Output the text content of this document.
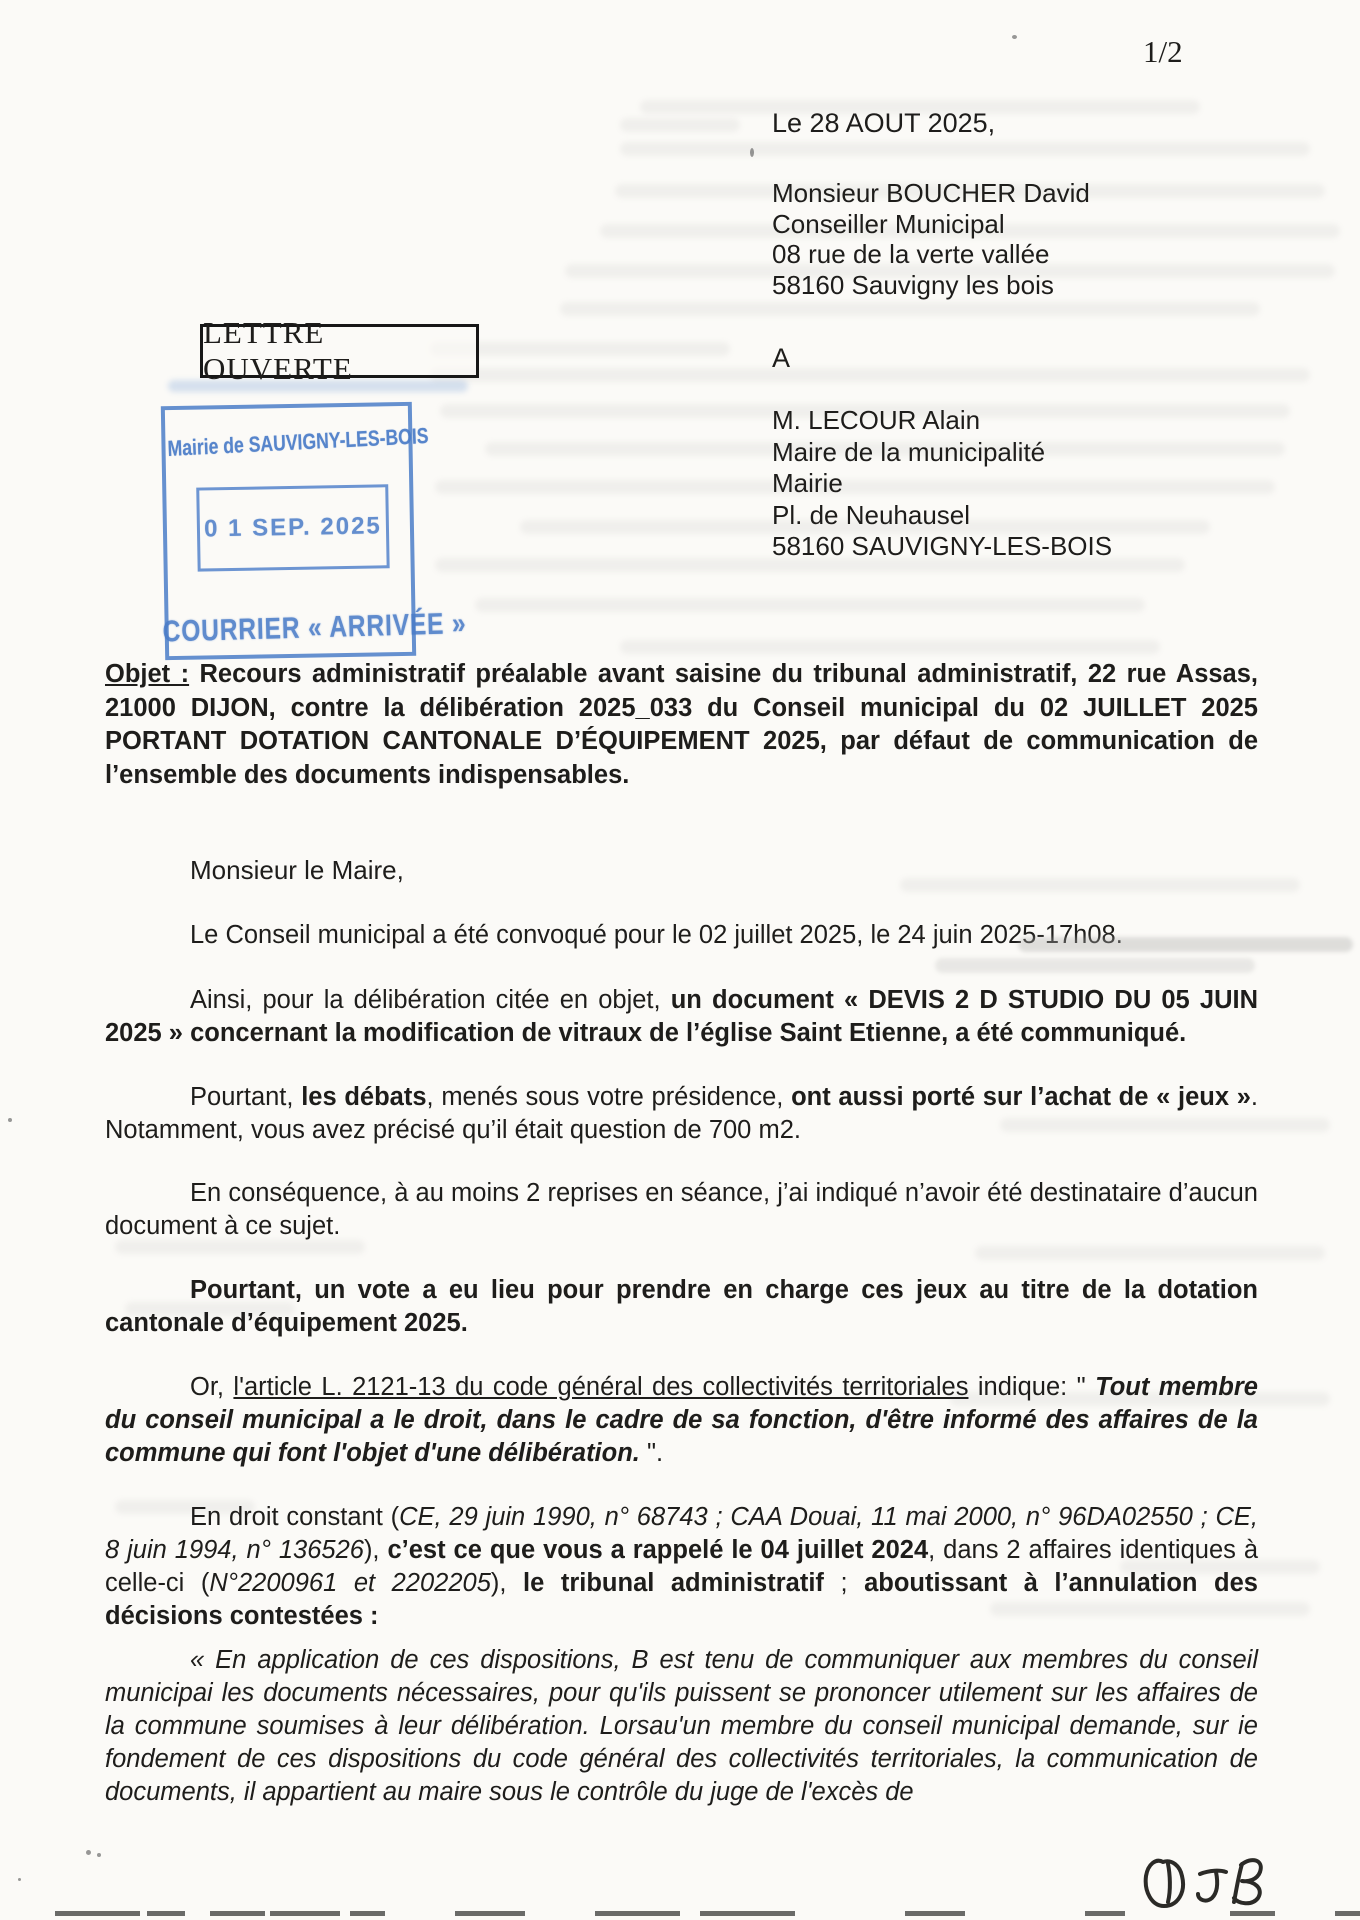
1/2
Le 28 AOUT 2025,
Monsieur BOUCHER David
Conseiller Municipal
08 rue de la verte vallée
58160 Sauvigny les bois
LETTRE OUVERTE	A
M. LECOUR Alain
Maire de la municipalité
Mairie
Pl. de Neuhausel
58160 SAUVIGNY-LES-BOIS
Mairie de SAUVIGNY-LES-BOIS
0 1 SEP. 2025
COURRIER « ARRIVÉE »

Objet : Recours administratif préalable avant saisine du tribunal administratif, 22 rue Assas, 21000 DIJON, contre la délibération 2025_033 du Conseil municipal du 02 JUILLET 2025 PORTANT DOTATION CANTONALE D’ÉQUIPEMENT 2025, par défaut de communication de l’ensemble des documents indispensables.

Monsieur le Maire,

Le Conseil municipal a été convoqué pour le 02 juillet 2025, le 24 juin 2025-17h08.

Ainsi, pour la délibération citée en objet, un document « DEVIS 2 D STUDIO DU 05 JUIN 2025 » concernant la modification de vitraux de l’église Saint Etienne, a été communiqué.

Pourtant, les débats, menés sous votre présidence, ont aussi porté sur l’achat de « jeux ». Notamment, vous avez précisé qu’il était question de 700 m2.

En conséquence, à au moins 2 reprises en séance, j’ai indiqué n’avoir été destinataire d’aucun document à ce sujet.

Pourtant, un vote a eu lieu pour prendre en charge ces jeux au titre de la dotation cantonale d’équipement 2025.

Or, l'article L. 2121-13 du code général des collectivités territoriales indique: " Tout membre du conseil municipal a le droit, dans le cadre de sa fonction, d'être informé des affaires de la commune qui font l'objet d'une délibération. ".

En droit constant (CE, 29 juin 1990, n° 68743 ; CAA Douai, 11 mai 2000, n° 96DA02550 ; CE, 8 juin 1994, n° 136526), c’est ce que vous a rappelé le 04 juillet 2024, dans 2 affaires identiques à celle-ci (N°2200961 et 2202205), le tribunal administratif ; aboutissant à l’annulation des décisions contestées :

« En application de ces dispositions, B est tenu de communiquer aux membres du conseil municipai les documents nécessaires, pour qu'ils puissent se prononcer utilement sur les affaires de la commune soumises à leur délibération. Lorsau'un membre du conseil municipal demande, sur ie fondement de ces dispositions du code général des collectivités territoriales, la communication de documents, il appartient au maire sous le contrôle du juge de l'excès de
